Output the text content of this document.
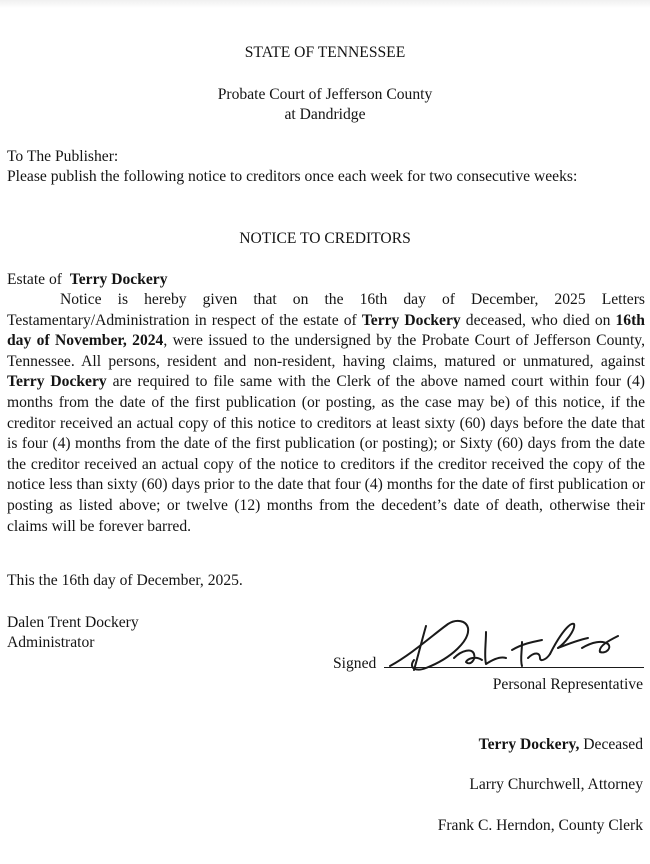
STATE OF TENNESSEE
Probate Court of Jefferson County
at Dandridge
To The Publisher:
Please publish the following notice to creditors once each week for two consecutive weeks:
NOTICE TO CREDITORS
Estate of Terry Dockery
Notice is hereby given that on the 16th day of December, 2025 Letters Testamentary/Administration in respect of the estate of Terry Dockery deceased, who died on 16th day of November, 2024, were issued to the undersigned by the Probate Court of Jefferson County, Tennessee. All persons, resident and non-resident, having claims, matured or unmatured, against Terry Dockery are required to file same with the Clerk of the above named court within four (4) months from the date of the first publication (or posting, as the case may be) of this notice, if the creditor received an actual copy of this notice to creditors at least sixty (60) days before the date that is four (4) months from the date of the first publication (or posting); or Sixty (60) days from the date the creditor received an actual copy of the notice to creditors if the creditor received the copy of the notice less than sixty (60) days prior to the date that four (4) months for the date of first publication or posting as listed above; or twelve (12) months from the decedent’s date of death, otherwise their claims will be forever barred.
This the 16th day of December, 2025.
Dalen Trent Dockery
Administrator
Signed
Personal Representative
Terry Dockery, Deceased
Larry Churchwell, Attorney
Frank C. Herndon, County Clerk
